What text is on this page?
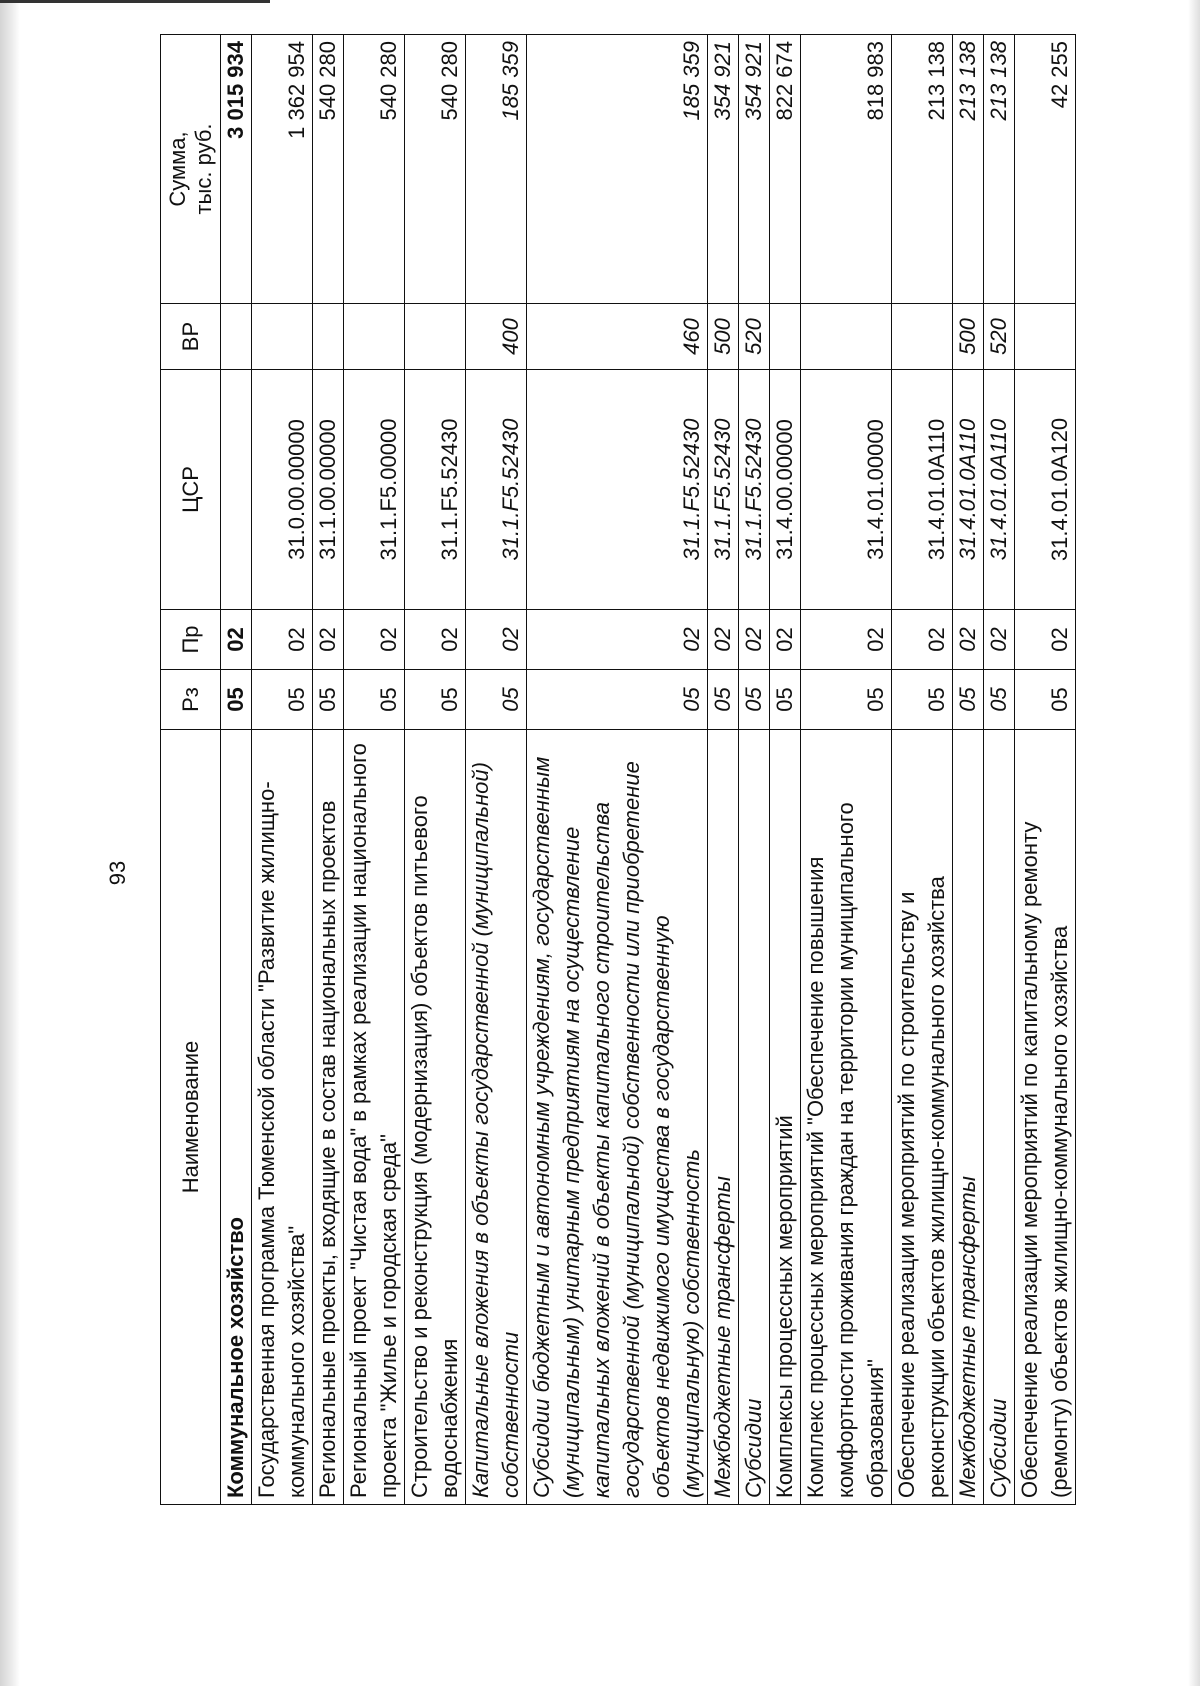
93
Наименование	Рз	Пр	ЦСР	ВР	Сумма,
тыс. руб.
Коммунальное хозяйство	05	02			3 015 934
Государственная программа Тюменской области "Развитие жилищно-коммунального хозяйства"	05	02	31.0.00.00000		1 362 954
Региональные проекты, входящие в состав национальных проектов	05	02	31.1.00.00000		540 280
Региональный проект "Чистая вода" в рамках реализации национального проекта "Жилье и городская среда"	05	02	31.1.F5.00000		540 280
Строительство и реконструкция (модернизация) объектов питьевого водоснабжения	05	02	31.1.F5.52430		540 280
Капитальные вложения в объекты государственной (муниципальной) собственности	05	02	31.1.F5.52430	400	185 359
Субсидии бюджетным и автономным учреждениям, государственным (муниципальным) унитарным предприятиям на осуществление капитальных вложений в объекты капитального строительства государственной (муниципальной) собственности или приобретение объектов недвижимого имущества в государственную (муниципальную) собственность	05	02	31.1.F5.52430	460	185 359
Межбюджетные трансферты	05	02	31.1.F5.52430	500	354 921
Субсидии	05	02	31.1.F5.52430	520	354 921
Комплексы процессных мероприятий	05	02	31.4.00.00000		822 674
Комплекс процессных мероприятий "Обеспечение повышения комфортности проживания граждан на территории муниципального образования"	05	02	31.4.01.00000		818 983
Обеспечение реализации мероприятий по строительству и реконструкции объектов жилищно-коммунального хозяйства	05	02	31.4.01.0А110		213 138
Межбюджетные трансферты	05	02	31.4.01.0А110	500	213 138
Субсидии	05	02	31.4.01.0А110	520	213 138
Обеспечение реализации мероприятий по капитальному ремонту (ремонту) объектов жилищно-коммунального хозяйства	05	02	31.4.01.0А120		42 255
